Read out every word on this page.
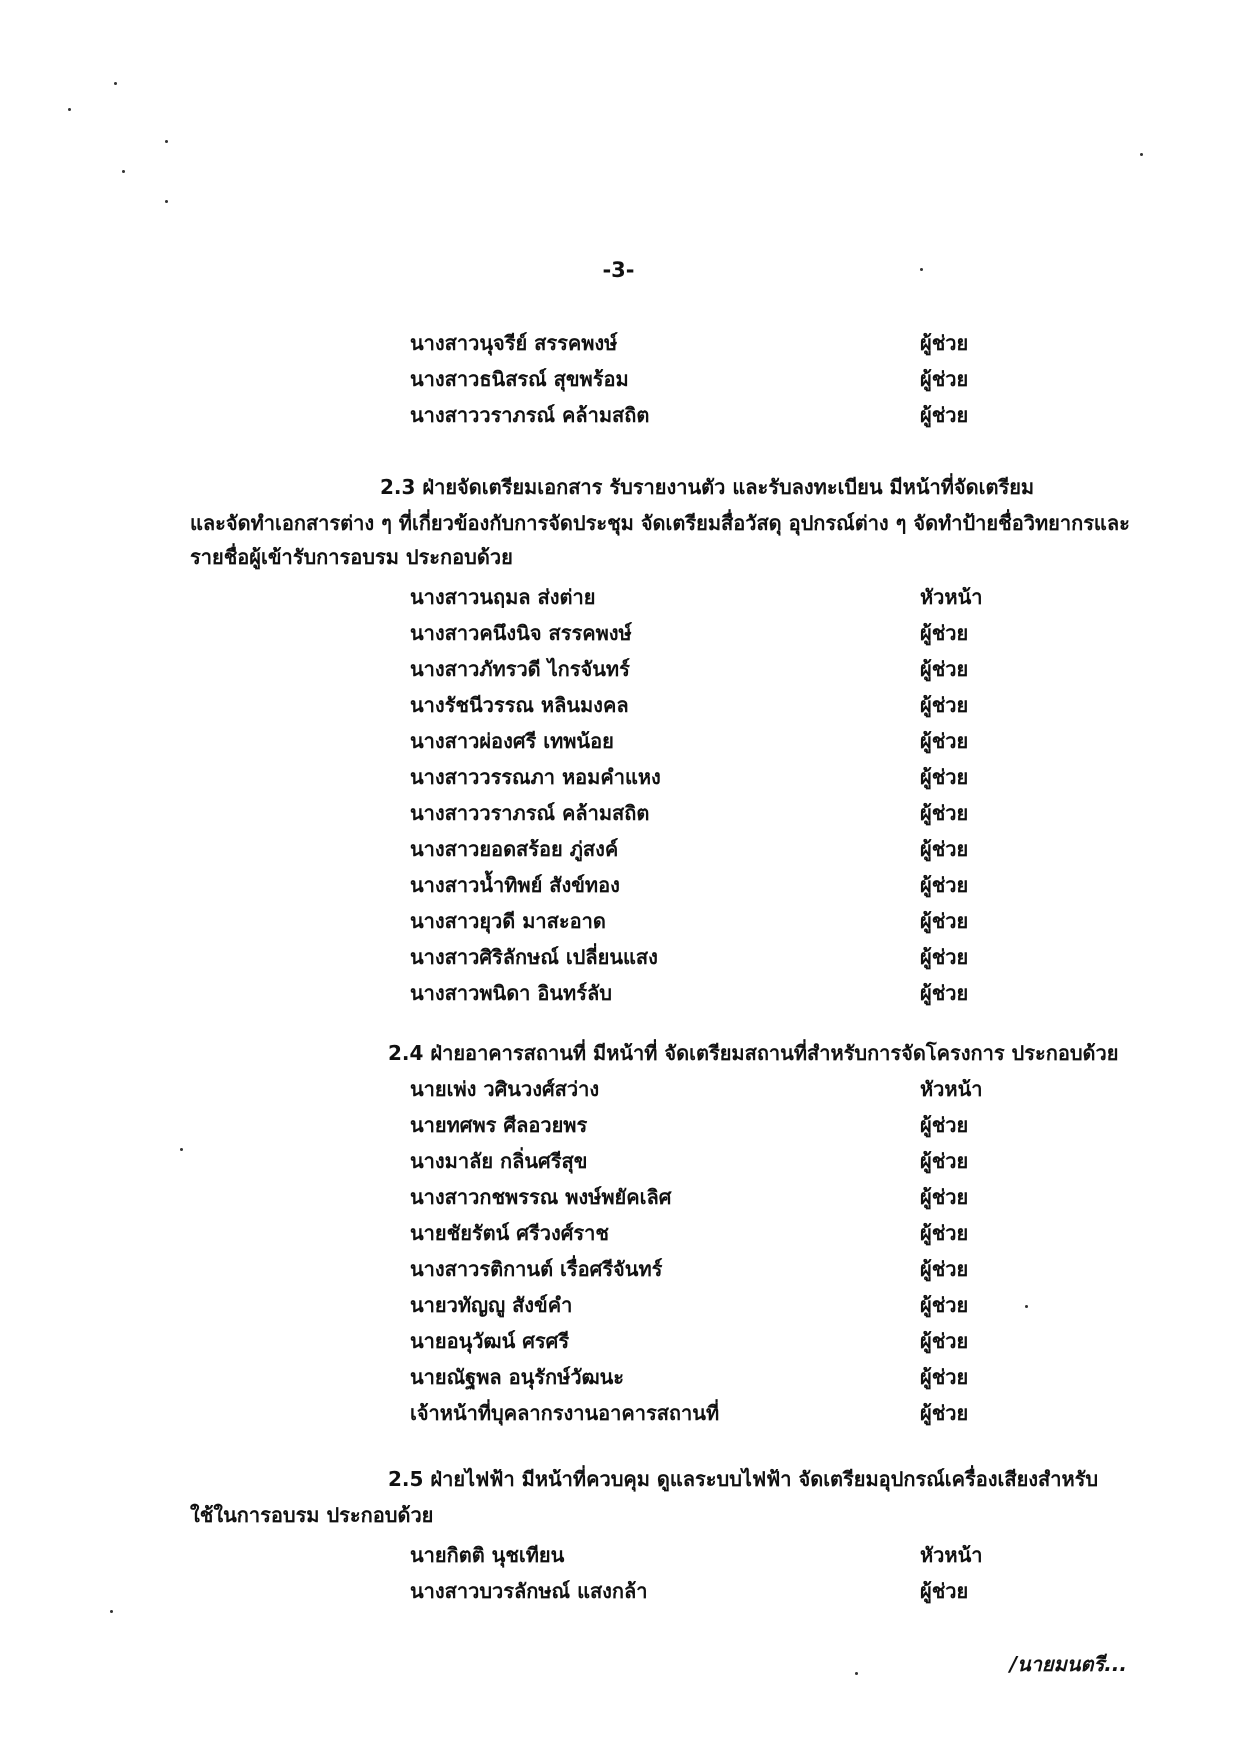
-3-
นางสาวนุจรีย์ สรรคพงษ์	ผู้ช่วย
นางสาวธนิสรณ์ สุขพร้อม	ผู้ช่วย
นางสาววราภรณ์ คล้ามสถิต	ผู้ช่วย
2.3 ฝ่ายจัดเตรียมเอกสาร รับรายงานตัว และรับลงทะเบียน มีหน้าที่จัดเตรียม
และจัดทำเอกสารต่าง ๆ ที่เกี่ยวข้องกับการจัดประชุม จัดเตรียมสื่อวัสดุ อุปกรณ์ต่าง ๆ จัดทำป้ายชื่อวิทยากรและ
รายชื่อผู้เข้ารับการอบรม ประกอบด้วย
นางสาวนฤมล ส่งต่าย	หัวหน้า
นางสาวคนึงนิจ สรรคพงษ์	ผู้ช่วย
นางสาวภัทรวดี ไกรจันทร์	ผู้ช่วย
นางรัชนีวรรณ หลินมงคล	ผู้ช่วย
นางสาวผ่องศรี เทพน้อย	ผู้ช่วย
นางสาววรรณภา หอมคำแหง	ผู้ช่วย
นางสาววราภรณ์ คล้ามสถิต	ผู้ช่วย
นางสาวยอดสร้อย ภู่สงค์	ผู้ช่วย
นางสาวน้ำทิพย์ สังข์ทอง	ผู้ช่วย
นางสาวยุวดี มาสะอาด	ผู้ช่วย
นางสาวศิริลักษณ์ เปลี่ยนแสง	ผู้ช่วย
นางสาวพนิดา อินทร์ลับ	ผู้ช่วย
2.4 ฝ่ายอาคารสถานที่ มีหน้าที่ จัดเตรียมสถานที่สำหรับการจัดโครงการ ประกอบด้วย
นายเพ่ง วศินวงศ์สว่าง	หัวหน้า
นายทศพร ศีลอวยพร	ผู้ช่วย
นางมาลัย กลิ่นศรีสุข	ผู้ช่วย
นางสาวกชพรรณ พงษ์พยัคเลิศ	ผู้ช่วย
นายชัยรัตน์ ศรีวงศ์ราช	ผู้ช่วย
นางสาวรติกานต์ เรื่อศรีจันทร์	ผู้ช่วย
นายวทัญญู สังข์คำ	ผู้ช่วย
นายอนุวัฒน์ ศรศรี	ผู้ช่วย
นายณัฐพล อนุรักษ์วัฒนะ	ผู้ช่วย
เจ้าหน้าที่บุคลากรงานอาคารสถานที่	ผู้ช่วย
2.5 ฝ่ายไฟฟ้า มีหน้าที่ควบคุม ดูแลระบบไฟฟ้า จัดเตรียมอุปกรณ์เครื่องเสียงสำหรับ
ใช้ในการอบรม ประกอบด้วย
นายกิตติ นุชเทียน	หัวหน้า
นางสาวบวรลักษณ์ แสงกล้า	ผู้ช่วย
/นายมนตรี...
